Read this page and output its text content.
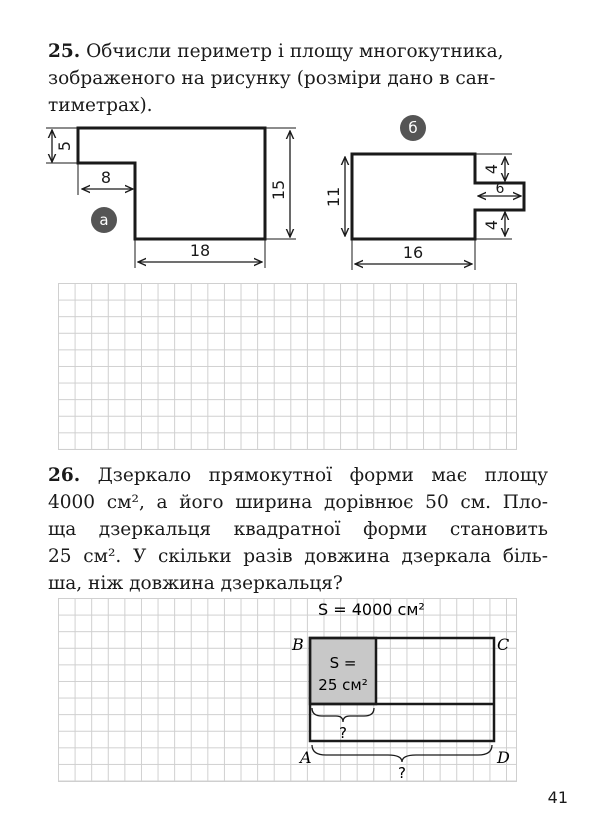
25. Обчисли периметр і площу многокутника,
зображеного на рисунку (розміри дано в сан-
тиметрах).
5
8
а
15
18
б
11
16
4
6
4
26. Дзеркало прямокутної форми має площу
4000 см², а його ширина дорівнює 50 см. Пло-
ща дзеркальця квадратної форми становить
25 см². У скільки разів довжина дзеркала біль-
ша, ніж довжина дзеркальця?
S = 4000 см²
S =
25 см²
B	C
A	D
?
?
41
